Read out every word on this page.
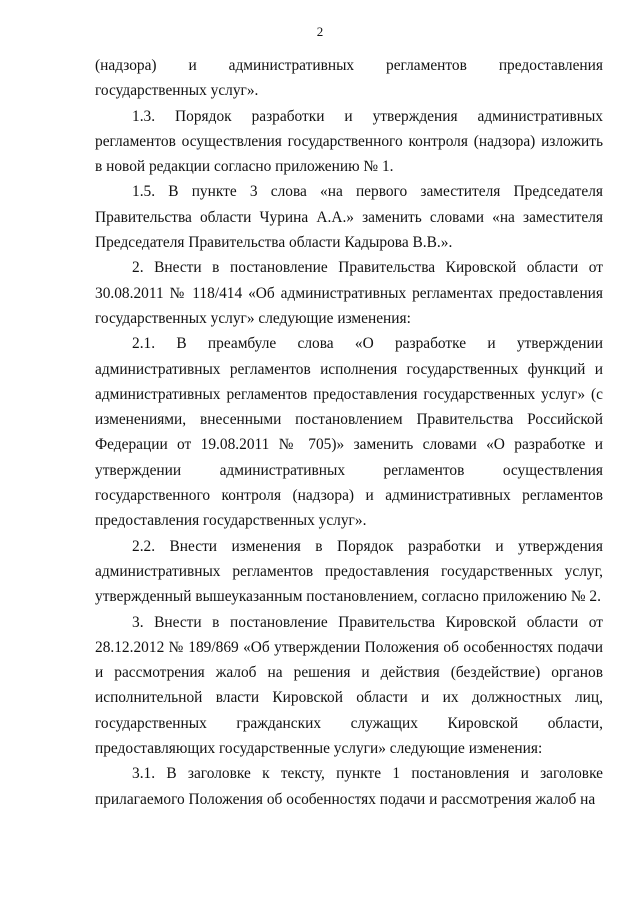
2

(надзора) и административных регламентов предоставления государственных услуг».

1.3. Порядок разработки и утверждения административных регламентов осуществления государственного контроля (надзора) изложить в новой редакции согласно приложению № 1.

1.5. В пункте 3 слова «на первого заместителя Председателя Правительства области Чурина А.А.» заменить словами «на заместителя Председателя Правительства области Кадырова В.В.».

2. Внести в постановление Правительства Кировской области от 30.08.2011 № 118/414 «Об административных регламентах предоставления государственных услуг» следующие изменения:

2.1. В преамбуле слова «О разработке и утверждении административных регламентов исполнения государственных функций и административных регламентов предоставления государственных услуг» (с изменениями, внесенными постановлением Правительства Российской Федерации от 19.08.2011 № 705)» заменить словами «О разработке и утверждении административных регламентов осуществления государственного контроля (надзора) и административных регламентов предоставления государственных услуг».

2.2. Внести изменения в Порядок разработки и утверждения административных регламентов предоставления государственных услуг, утвержденный вышеуказанным постановлением, согласно приложению № 2.

3. Внести в постановление Правительства Кировской области от 28.12.2012 № 189/869 «Об утверждении Положения об особенностях подачи и рассмотрения жалоб на решения и действия (бездействие) органов исполнительной власти Кировской области и их должностных лиц, государственных гражданских служащих Кировской области, предоставляющих государственные услуги» следующие изменения:

3.1. В заголовке к тексту, пункте 1 постановления и заголовке прилагаемого Положения об особенностях подачи и рассмотрения жалоб на
